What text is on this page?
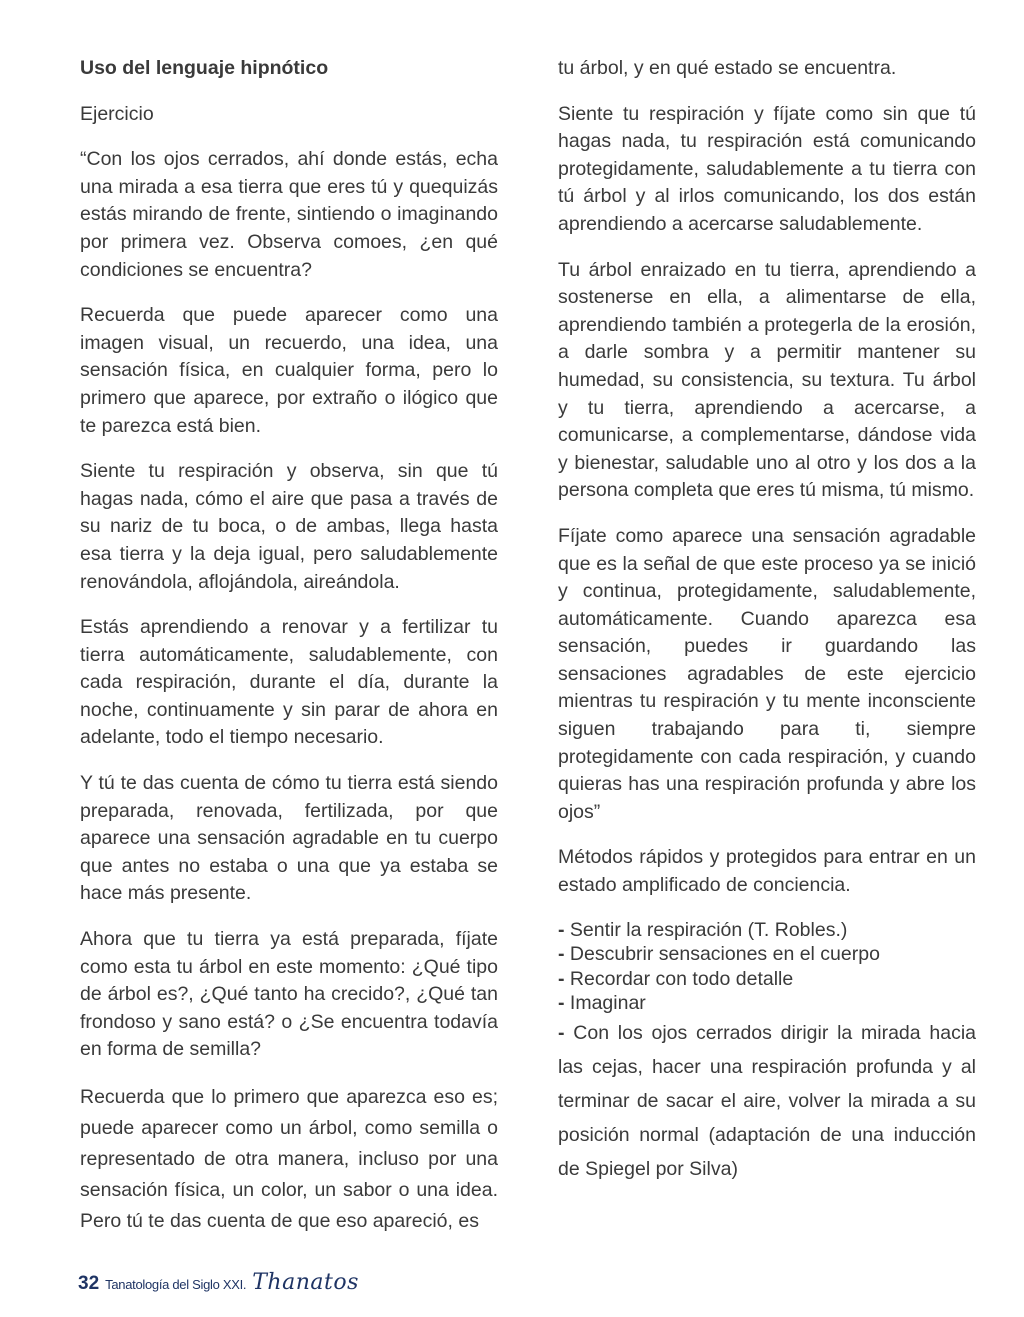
Uso del lenguaje hipnótico

Ejercicio

“Con los ojos cerrados, ahí donde estás, echa una mirada a esa tierra que eres tú y quequizás estás mirando de frente, sintiendo o imaginando por primera vez. Observa comoes, ¿en qué condiciones se encuentra?

Recuerda que puede aparecer como una imagen visual, un recuerdo, una idea, una sensación física, en cualquier forma, pero lo primero que aparece, por extraño o ilógico que te parezca está bien.

Siente tu respiración y observa, sin que tú hagas nada, cómo el aire que pasa a través de su nariz de tu boca, o de ambas, llega hasta esa tierra y la deja igual, pero saludablemente renovándola, aflojándola, aireándola.

Estás aprendiendo a renovar y a fertilizar tu tierra automáticamente, saludablemente, con cada respiración, durante el día, durante la noche, continuamente y sin parar de ahora en adelante, todo el tiempo necesario.

Y tú te das cuenta de cómo tu tierra está siendo preparada, renovada, fertilizada, por que aparece una sensación agradable en tu cuerpo que antes no estaba o una que ya estaba se hace más presente.

Ahora que tu tierra ya está preparada, fíjate como esta tu árbol en este momento: ¿Qué tipo de árbol es?, ¿Qué tanto ha crecido?, ¿Qué tan frondoso y sano está? o ¿Se encuentra todavía en forma de semilla?

Recuerda que lo primero que aparezca eso es; puede aparecer como un árbol, como semilla o representado de otra manera, incluso por una sensación física, un color, un sabor o una idea. Pero tú te das cuenta de que eso apareció, es

tu árbol, y en qué estado se encuentra.

Siente tu respiración y fíjate como sin que tú hagas nada, tu respiración está comunicando protegidamente, saludablemente a tu tierra con tú árbol y al irlos comunicando, los dos están aprendiendo a acercarse saludablemente.

Tu árbol enraizado en tu tierra, aprendiendo a sostenerse en ella, a alimentarse de ella, aprendiendo también a protegerla de la erosión, a darle sombra y a permitir mantener su humedad, su consistencia, su textura. Tu árbol y tu tierra, aprendiendo a acercarse, a comunicarse, a complementarse, dándose vida y bienestar, saludable uno al otro y los dos a la persona completa que eres tú misma, tú mismo.

Fíjate como aparece una sensación agradable que es la señal de que este proceso ya se inició y continua, protegidamente, saludablemente, automáticamente. Cuando aparezca esa sensación, puedes ir guardando las sensaciones agradables de este ejercicio mientras tu respiración y tu mente inconsciente siguen trabajando para ti, siempre protegidamente con cada respiración, y cuando quieras has una respiración profunda y abre los ojos”

Métodos rápidos y protegidos para entrar en un estado amplificado de conciencia.

- Sentir la respiración (T. Robles.)
- Descubrir sensaciones en el cuerpo
- Recordar con todo detalle
- Imaginar
- Con los ojos cerrados dirigir la mirada hacia las cejas, hacer una respiración profunda y al terminar de sacar el aire, volver la mirada a su posición normal (adaptación de una inducción de Spiegel por Silva)
32 Tanatología del Siglo XXI. Thanatos
